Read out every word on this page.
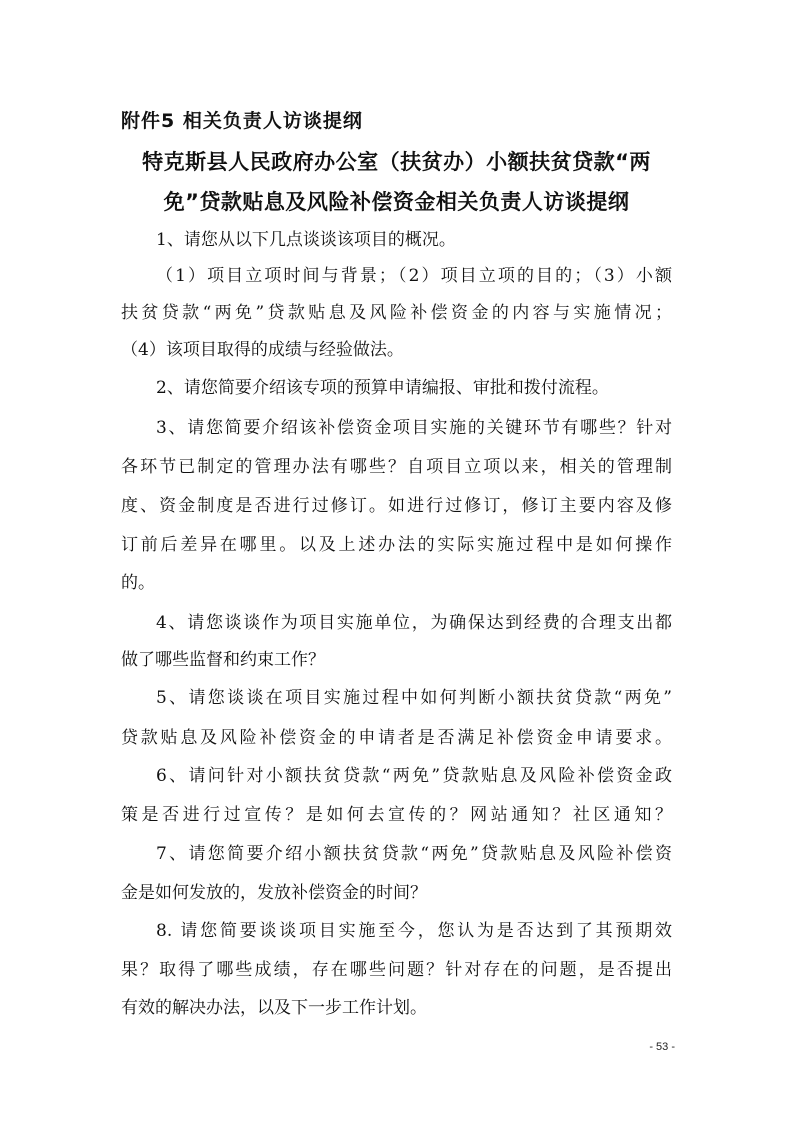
附件5 相关负责人访谈提纲
特克斯县人民政府办公室（扶贫办）小额扶贫贷款“两
免”贷款贴息及风险补偿资金相关负责人访谈提纲
1、请您从以下几点谈谈该项目的概况。
（1）项目立项时间与背景；（2）项目立项的目的；（3）小额
扶贫贷款“两免”贷款贴息及风险补偿资金的内容与实施情况；
（4）该项目取得的成绩与经验做法。
2、请您简要介绍该专项的预算申请编报、审批和拨付流程。
3、请您简要介绍该补偿资金项目实施的关键环节有哪些？针对
各环节已制定的管理办法有哪些？自项目立项以来，相关的管理制
度、资金制度是否进行过修订。如进行过修订，修订主要内容及修
订前后差异在哪里。以及上述办法的实际实施过程中是如何操作
的。
4、请您谈谈作为项目实施单位，为确保达到经费的合理支出都
做了哪些监督和约束工作？
5、请您谈谈在项目实施过程中如何判断小额扶贫贷款“两免”
贷款贴息及风险补偿资金的申请者是否满足补偿资金申请要求。
6、请问针对小额扶贫贷款“两免”贷款贴息及风险补偿资金政
策是否进行过宣传？是如何去宣传的？网站通知？社区通知？
7、请您简要介绍小额扶贫贷款“两免”贷款贴息及风险补偿资
金是如何发放的，发放补偿资金的时间？
8. 请您简要谈谈项目实施至今，您认为是否达到了其预期效
果？取得了哪些成绩，存在哪些问题？针对存在的问题，是否提出
有效的解决办法，以及下一步工作计划。
- 53 -
